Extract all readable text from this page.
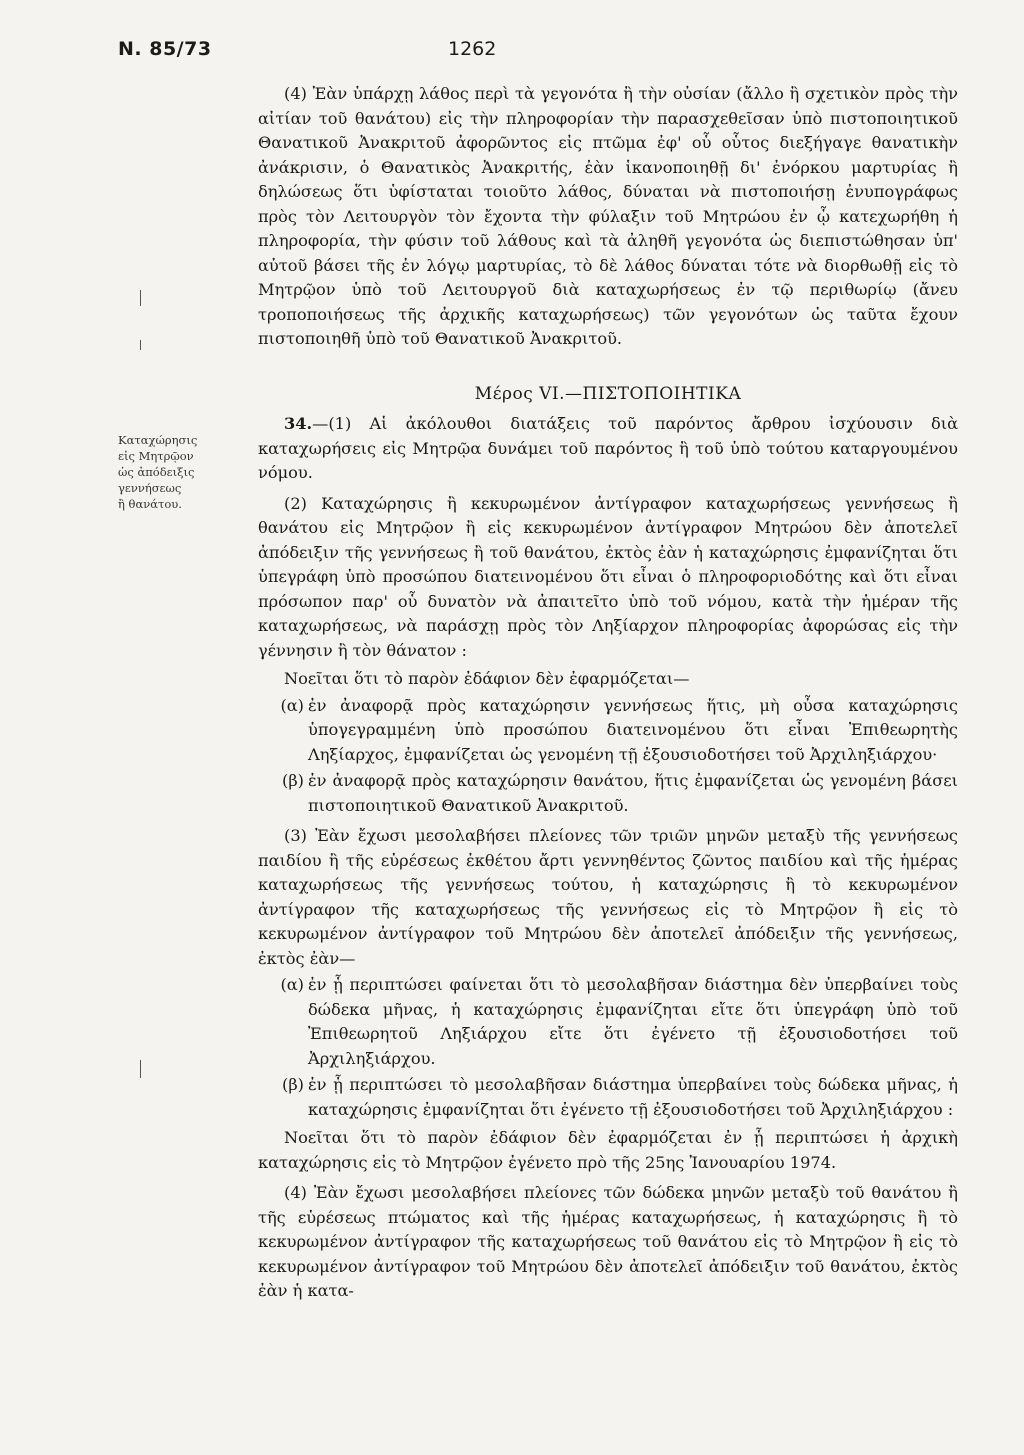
N. 85/73	1262
Καταχώρησις
εἰς Μητρῷον
ὡς ἀπόδειξις
γεννήσεως
ἢ θανάτου.

(4) Ἐὰν ὑπάρχῃ λάθος περὶ τὰ γεγονότα ἢ τὴν οὐσίαν (ἄλλο ἢ σχετικὸν πρὸς τὴν αἰτίαν τοῦ θανάτου) εἰς τὴν πληροφορίαν τὴν παρασχεθεῖσαν ὑπὸ πιστοποιητικοῦ Θανατικοῦ Ἀνακριτοῦ ἀφορῶντος εἰς πτῶμα ἐφ' οὗ οὗτος διεξήγαγε θανατικὴν ἀνάκρισιν, ὁ Θανατικὸς Ἀνακριτής, ἐὰν ἱκανοποιηθῇ δι' ἐνόρκου μαρτυρίας ἢ δηλώσεως ὅτι ὑφίσταται τοιοῦτο λάθος, δύναται νὰ πιστοποιήσῃ ἐνυπογράφως πρὸς τὸν Λειτουργὸν τὸν ἔχοντα τὴν φύλαξιν τοῦ Μητρώου ἐν ᾧ κατεχωρήθη ἡ πληροφορία, τὴν φύσιν τοῦ λάθους καὶ τὰ ἀληθῆ γεγονότα ὡς διεπιστώθησαν ὑπ' αὐτοῦ βάσει τῆς ἐν λόγῳ μαρτυρίας, τὸ δὲ λάθος δύναται τότε νὰ διορθωθῇ εἰς τὸ Μητρῷον ὑπὸ τοῦ Λειτουργοῦ διὰ καταχωρήσεως ἐν τῷ περιθωρίῳ (ἄνευ τροποποιήσεως τῆς ἀρχικῆς καταχωρήσεως) τῶν γεγονότων ὡς ταῦτα ἔχουν πιστοποιηθῆ ὑπὸ τοῦ Θανατικοῦ Ἀνακριτοῦ.

Μέρος VI.—ΠΙΣΤΟΠΟΙΗΤΙΚΑ

34.—(1) Αἱ ἀκόλουθοι διατάξεις τοῦ παρόντος ἄρθρου ἰσχύουσιν διὰ καταχωρήσεις εἰς Μητρῷα δυνάμει τοῦ παρόντος ἢ τοῦ ὑπὸ τούτου καταργουμένου νόμου.

(2) Καταχώρησις ἢ κεκυρωμένον ἀντίγραφον καταχωρήσεως γεννήσεως ἢ θανάτου εἰς Μητρῷον ἢ εἰς κεκυρωμένον ἀντίγραφον Μητρώου δὲν ἀποτελεῖ ἀπόδειξιν τῆς γεννήσεως ἢ τοῦ θανάτου, ἐκτὸς ἐὰν ἡ καταχώρησις ἐμφανίζηται ὅτι ὑπεγράφη ὑπὸ προσώπου διατεινομένου ὅτι εἶναι ὁ πληροφοριοδότης καὶ ὅτι εἶναι πρόσωπον παρ' οὗ δυνατὸν νὰ ἀπαιτεῖτο ὑπὸ τοῦ νόμου, κατὰ τὴν ἡμέραν τῆς καταχωρήσεως, νὰ παράσχῃ πρὸς τὸν Ληξίαρχον πληροφορίας ἀφορώσας εἰς τὴν γέννησιν ἢ τὸν θάνατον :

Νοεῖται ὅτι τὸ παρὸν ἐδάφιον δὲν ἐφαρμόζεται—

(α) ἐν ἀναφορᾷ πρὸς καταχώρησιν γεννήσεως ἥτις, μὴ οὖσα καταχώρησις ὑπογεγραμμένη ὑπὸ προσώπου διατεινομένου ὅτι εἶναι Ἐπιθεωρητὴς Ληξίαρχος, ἐμφανίζεται ὡς γενομένη τῇ ἐξουσιοδοτήσει τοῦ Ἀρχιληξιάρχου·

(β) ἐν ἀναφορᾷ πρὸς καταχώρησιν θανάτου, ἥτις ἐμφανίζεται ὡς γενομένη βάσει πιστοποιητικοῦ Θανατικοῦ Ἀνακριτοῦ.

(3) Ἐὰν ἔχωσι μεσολαβήσει πλείονες τῶν τριῶν μηνῶν μεταξὺ τῆς γεννήσεως παιδίου ἢ τῆς εὑρέσεως ἐκθέτου ἄρτι γεννηθέντος ζῶντος παιδίου καὶ τῆς ἡμέρας καταχωρήσεως τῆς γεννήσεως τούτου, ἡ καταχώρησις ἢ τὸ κεκυρωμένον ἀντίγραφον τῆς καταχωρήσεως τῆς γεννήσεως εἰς τὸ Μητρῷον ἢ εἰς τὸ κεκυρωμένον ἀντίγραφον τοῦ Μητρώου δὲν ἀποτελεῖ ἀπόδειξιν τῆς γεννήσεως, ἐκτὸς ἐὰν—

(α) ἐν ᾗ περιπτώσει φαίνεται ὅτι τὸ μεσολαβῆσαν διάστημα δὲν ὑπερβαίνει τοὺς δώδεκα μῆνας, ἡ καταχώρησις ἐμφανίζηται εἴτε ὅτι ὑπεγράφη ὑπὸ τοῦ Ἐπιθεωρητοῦ Ληξιάρχου εἴτε ὅτι ἐγένετο τῇ ἐξουσιοδοτήσει τοῦ Ἀρχιληξιάρχου.

(β) ἐν ᾗ περιπτώσει τὸ μεσολαβῆσαν διάστημα ὑπερβαίνει τοὺς δώδεκα μῆνας, ἡ καταχώρησις ἐμφανίζηται ὅτι ἐγένετο τῇ ἐξουσιοδοτήσει τοῦ Ἀρχιληξιάρχου :

Νοεῖται ὅτι τὸ παρὸν ἐδάφιον δὲν ἐφαρμόζεται ἐν ᾗ περιπτώσει ἡ ἀρχικὴ καταχώρησις εἰς τὸ Μητρῷον ἐγένετο πρὸ τῆς 25ης Ἰανουαρίου 1974.

(4) Ἐὰν ἔχωσι μεσολαβήσει πλείονες τῶν δώδεκα μηνῶν μεταξὺ τοῦ θανάτου ἢ τῆς εὑρέσεως πτώματος καὶ τῆς ἡμέρας καταχωρήσεως, ἡ καταχώρησις ἢ τὸ κεκυρωμένον ἀντίγραφον τῆς καταχωρήσεως τοῦ θανάτου εἰς τὸ Μητρῷον ἢ εἰς τὸ κεκυρωμένον ἀντίγραφον τοῦ Μητρώου δὲν ἀποτελεῖ ἀπόδειξιν τοῦ θανάτου, ἐκτὸς ἐὰν ἡ κατα-
